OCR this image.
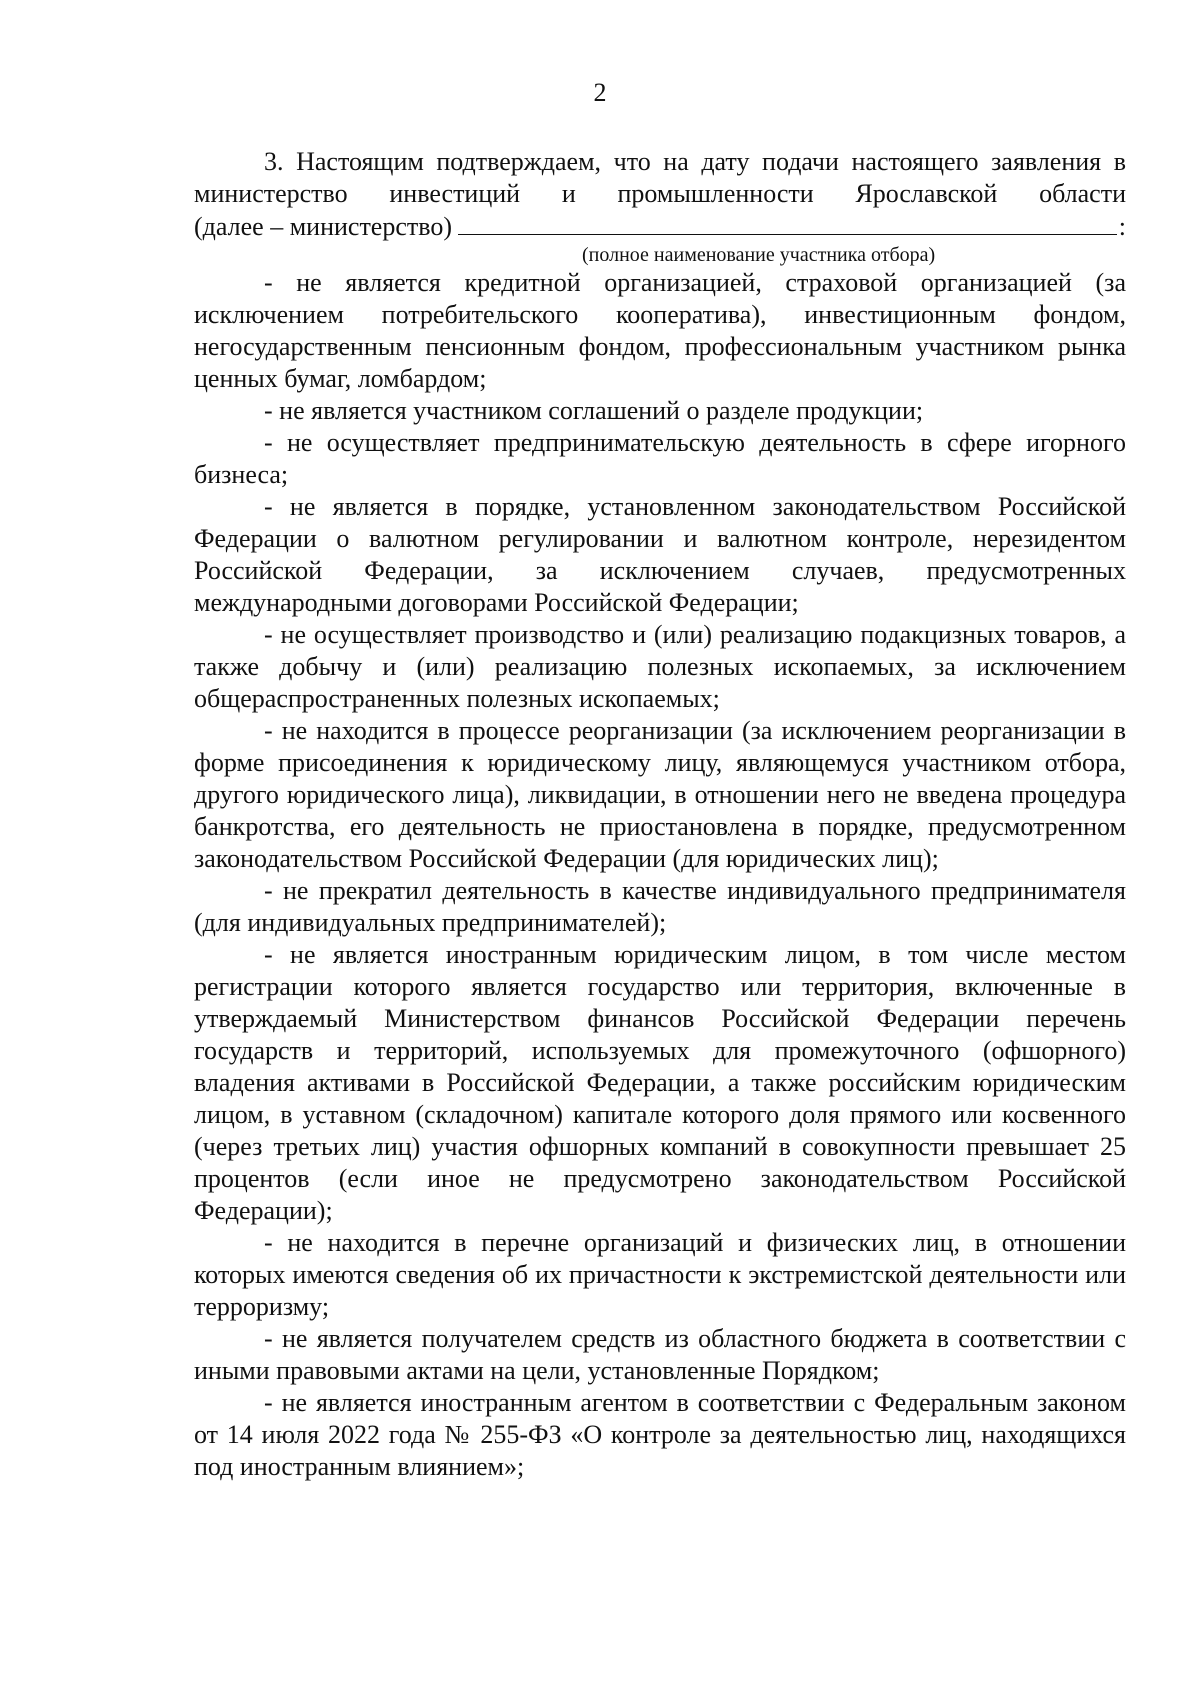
2

3. Настоящим подтверждаем, что на дату подачи настоящего заявления в министерство инвестиций и промышленности Ярославской области

(далее – министерство)	:

(полное наименование участника отбора)

- не является кредитной организацией, страховой организацией (за исключением потребительского кооператива), инвестиционным фондом, негосударственным пенсионным фондом, профессиональным участником рынка ценных бумаг, ломбардом;

- не является участником соглашений о разделе продукции;

- не осуществляет предпринимательскую деятельность в сфере игорного бизнеса;

- не является в порядке, установленном законодательством Российской Федерации о валютном регулировании и валютном контроле, нерезидентом Российской Федерации, за исключением случаев, предусмотренных международными договорами Российской Федерации;

- не осуществляет производство и (или) реализацию подакцизных товаров, а также добычу и (или) реализацию полезных ископаемых, за исключением общераспространенных полезных ископаемых;

- не находится в процессе реорганизации (за исключением реорганизации в форме присоединения к юридическому лицу, являющемуся участником отбора, другого юридического лица), ликвидации, в отношении него не введена процедура банкротства, его деятельность не приостановлена в порядке, предусмотренном законодательством Российской Федерации (для юридических лиц);

- не прекратил деятельность в качестве индивидуального предпринимателя (для индивидуальных предпринимателей);

- не является иностранным юридическим лицом, в том числе местом регистрации которого является государство или территория, включенные в утверждаемый Министерством финансов Российской Федерации перечень государств и территорий, используемых для промежуточного (офшорного) владения активами в Российской Федерации, а также российским юридическим лицом, в уставном (складочном) капитале которого доля прямого или косвенного (через третьих лиц) участия офшорных компаний в совокупности превышает 25 процентов (если иное не предусмотрено законодательством Российской Федерации);

- не находится в перечне организаций и физических лиц, в отношении которых имеются сведения об их причастности к экстремистской деятельности или терроризму;

- не является получателем средств из областного бюджета в соответствии с иными правовыми актами на цели, установленные Порядком;

- не является иностранным агентом в соответствии с Федеральным законом от 14 июля 2022 года № 255-ФЗ «О контроле за деятельностью лиц, находящихся под иностранным влиянием»;
